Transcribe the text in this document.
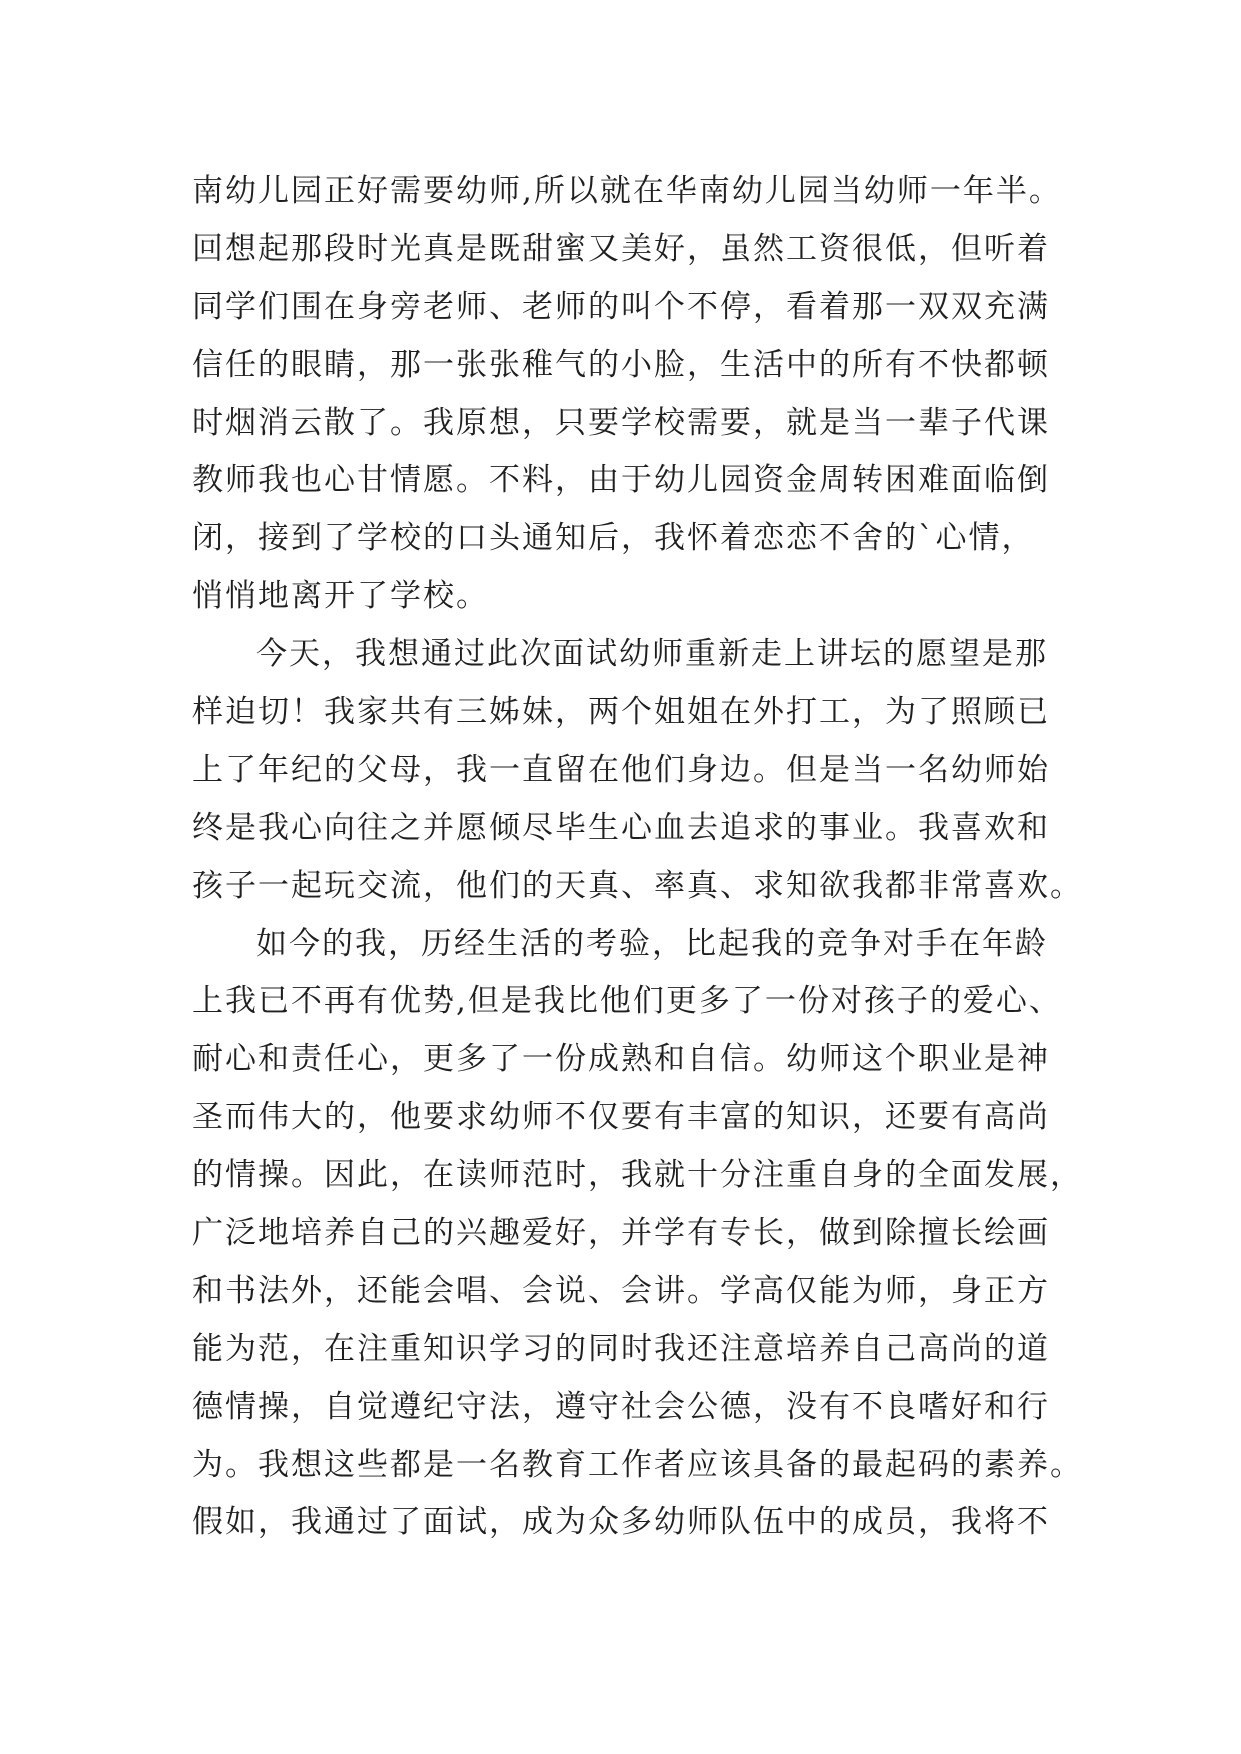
南幼儿园正好需要幼师,所以就在华南幼儿园当幼师一年半。
回想起那段时光真是既甜蜜又美好，虽然工资很低，但听着
同学们围在身旁老师、老师的叫个不停，看着那一双双充满
信任的眼睛，那一张张稚气的小脸，生活中的所有不快都顿
时烟消云散了。我原想，只要学校需要，就是当一辈子代课
教师我也心甘情愿。不料，由于幼儿园资金周转困难面临倒
闭，接到了学校的口头通知后，我怀着恋恋不舍的`心情，
悄悄地离开了学校。
今天，我想通过此次面试幼师重新走上讲坛的愿望是那
样迫切！我家共有三姊妹，两个姐姐在外打工，为了照顾已
上了年纪的父母，我一直留在他们身边。但是当一名幼师始
终是我心向往之并愿倾尽毕生心血去追求的事业。我喜欢和
孩子一起玩交流，他们的天真、率真、求知欲我都非常喜欢。
如今的我，历经生活的考验，比起我的竞争对手在年龄
上我已不再有优势,但是我比他们更多了一份对孩子的爱心、
耐心和责任心，更多了一份成熟和自信。幼师这个职业是神
圣而伟大的，他要求幼师不仅要有丰富的知识，还要有高尚
的情操。因此，在读师范时，我就十分注重自身的全面发展，
广泛地培养自己的兴趣爱好，并学有专长，做到除擅长绘画
和书法外，还能会唱、会说、会讲。学高仅能为师，身正方
能为范，在注重知识学习的同时我还注意培养自己高尚的道
德情操，自觉遵纪守法，遵守社会公德，没有不良嗜好和行
为。我想这些都是一名教育工作者应该具备的最起码的素养。
假如，我通过了面试，成为众多幼师队伍中的成员，我将不
